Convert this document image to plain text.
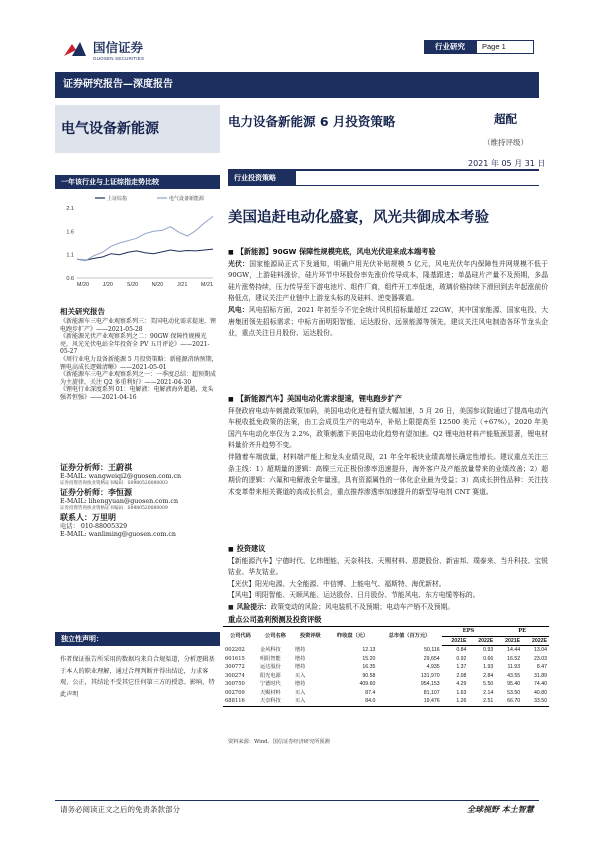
国信证券
GUOSEN SECURITIES
行业研究	Page 1
证券研究报告—深度报告
电气设备新能源	电力设备新能源 6 月投资策略	超配
（维持评级）
2021 年 05 月 31 日
一年该行业与上证综指走势比较
上证综指	电气设备新能源
2.1
1.6
1.1
0.6
M/20 J/20	S/20 N/20	J/21 M/21
相关研究报告
《新能源车三电产业观察系列三：美国电动化需求提速，锂电跑步扩产》——2021-05-28
《新能源光伏产业观察系列之二：90GW 保障性规模光亮，风光光伏电站全年投资全 PV 五月评论》——2021-05-27
《周行业电力设备新能源 5 月投资策略：新能源消纳预期，锂电高成长逻辑清晰》——2021-05-01
《新能源车三电产业观察系列之一：一季度总结：超预期成为主旋律，关注 Q2 多重利好》——2021-04-30
《锂电行业深度系列 01：电解液：电解液海外超越，龙头强者恒强》——2021-04-16
证券分析师：王蔚祺
E-MAIL: wangweiqi2@guosen.com.cn
证券投资咨询执业资格证书编码：S0980520080003
证券分析师：李恒源
E-MAIL: lihengyuan@guosen.com.cn
证券投资咨询执业资格证书编码：S0980520080009
联系人：万里明
电话： 010-88005329
E-MAIL: wanliming@guosen.com.cn
独立性声明：
作者保证报告所采用的数据均来自合规渠道，分析逻辑基于本人的职业理解，通过合理判断并得出结论，力求客观、公正，其结论不受其它任何第三方的授意、影响，特此声明
行业投资策略
美国追赶电动化盛宴，风光共御成本考验
■ 【新能源】90GW 保障性规模兜底，风电光伏迎来成本端考验
光伏：国家能源局正式下发通知，明确户用光伏补贴规模 5 亿元，风电光伏年内保障性并网规模不低于 90GW，上游硅料涨价，硅片环节中环股份率先涨价传导成本，隆基跟进；单晶硅片产量不及预期，多晶硅片涨势持续，压力传导至下游电池片、组件厂商，组件开工率低迷，玻璃价格持续下滑回到去年起涨前价格低点，建议关注产业链中上游龙头标的及硅料、逆变器赛道。
风电：风电招标方面，2021 年初至今不完全统计风机招标量超过 22GW，其中国家能源、国家电投、大唐集团领先招标需求；中标方面明阳智能、运达股份、远景能源等领先，建议关注风电制造各环节龙头企业，重点关注日月股份、运达股份。
■ 【新能源汽车】美国电动化需求提速，锂电跑步扩产
拜登政府电动车刺激政策加码，美国电动化进程有望大幅加速，5 月 26 日，美国参议院通过了提高电动汽车税收抵免政策的法案，由工会成员生产的电动车，补贴上限提高至 12500 美元（+67%）。2020 年美国汽车电动化率仅为 2.2%，政策刺激下美国电动化趋势有望加速。Q2 锂电池材料产能瓶颈显著，锂电材料量价齐升趋势不变。
伴随着车端放量，材料端产能上和龙头业绩兑现，21 年全年板块业绩高增长确定性增长。建议重点关注三条主线：1）超期量的逻辑：高镍三元正极份渗率迅速提升，海外客户及产能放量带来的业绩改善；2）超期价的逻辑：六氟和电解液全年量涨，具有资源属性的一体化企业最为受益；3）高成长拼性品种：关注技术变革带来相关赛道的高成长机会，重点推荐渗透率加速提升的新型导电剂 CNT 赛道。
■ 投资建议
【新能源汽车】宁德时代、亿纬锂能、天奈科技、天赐材料、恩捷股份、新宙邦、璞泰来、当升科技、宝锐钴业、华友钴业。
【光伏】阳光电源、大全能源、中信博、上能电气、福斯特、海优新材。
【风电】明阳智能、天顺风能、运达股份、日月股份、节能风电、东方电缆等标的。
■ 风险提示：政策变动的风险；风电装机不及预期；电动车产销不及预期。
重点公司盈利预测及投资评级
公司代码	公司名称	投资评级	昨收盘（元）	总市值（百万元）	EPS		PE	
					2021E	2022E	2021E	2022E
002202	金风科技	增持	12.13	50,116	0.84	0.93	14.44	13.04
601615	明阳智能	增持	15.20	29,654	0.92	0.66	16.52	23.03
300772	运达股份	增持	16.35	4,935	1.37	1.93	11.93	8.47
300274	阳光电源	买入	90.58	131,970	2.08	2.84	43.55	31.89
300750	宁德时代	增持	409.60	954,153	4.29	5.50	95.40	74.40
002709	天赐材料	买入	87.4	81,107	1.63	2.14	53.50	40.80
688116	天奈科技	买入	84.0	19,476	1.26	2.51	66.70	33.50
资料来源：Wind、国信证券经济研究所预测
请务必阅读正文之后的免责条款部分	全球视野 本土智慧
